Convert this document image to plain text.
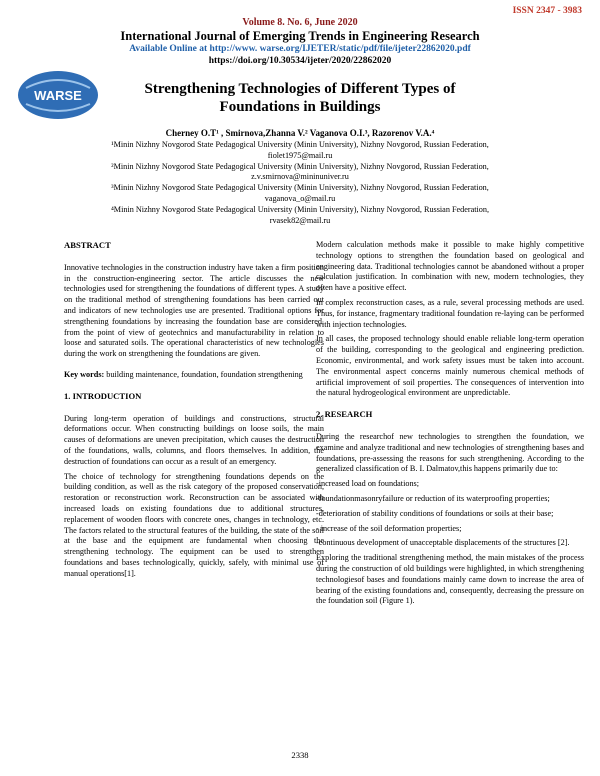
ISSN 2347 - 3983
Volume 8. No. 6, June 2020
International Journal of Emerging Trends in Engineering Research
Available Online at http://www. warse.org/IJETER/static/pdf/file/ijeter22862020.pdf
https://doi.org/10.30534/ijeter/2020/22862020
WARSE	Strengthening Technologies of Different Types of
Foundations in Buildings
Cherney O.T¹ , Smirnova,Zhanna V.² Vaganova O.I.³, Razorenov V.A.⁴

¹Minin Nizhny Novgorod State Pedagogical University (Minin University), Nizhny Novgorod, Russian Federation,
fiolet1975@mail.ru

²Minin Nizhny Novgorod State Pedagogical University (Minin University), Nizhny Novgorod, Russian Federation,
z.v.smirnova@mininuniver.ru

³Minin Nizhny Novgorod State Pedagogical University (Minin University), Nizhny Novgorod, Russian Federation,
vaganova_o@mail.ru

⁴Minin Nizhny Novgorod State Pedagogical University (Minin University), Nizhny Novgorod, Russian Federation,
rvasek82@mail.ru

ABSTRACT

Innovative technologies in the construction industry have taken a firm position in the construction-engineering sector. The article discusses the new technologies used for strengthening the foundations of different types. A study on the traditional method of strengthening foundations has been carried out and indicators of new technologies use are presented. Traditional options for strengthening foundations by increasing the foundation base are considered, from the point of view of geotechnics and manufacturability in relation to loose and saturated soils. The operational characteristics of new technologies during the work on strengthening the foundations are given.

Key words: building maintenance, foundation, foundation strengthening

1. INTRODUCTION

During long-term operation of buildings and constructions, structural deformations occur. When constructing buildings on loose soils, the main causes of deformations are uneven precipitation, which causes the destruction of the foundations, walls, columns, and floors themselves. In addition, the destruction of foundations can occur as a result of an emergency.

The choice of technology for strengthening foundations depends on the building condition, as well as the risk category of the proposed conservation, restoration or reconstruction work. Reconstruction can be associated with increased loads on existing foundations due to additional structures, replacement of wooden floors with concrete ones, changes in technology, etc. The factors related to the structural features of the building, the state of the soil at the base and the equipment are fundamental when choosing the strengthening technology. The equipment can be used to strengthen foundations and bases technologically, quickly, safely, with minimal use of manual operations[1].

Modern calculation methods make it possible to make highly competitive technology options to strengthen the foundation based on geological and engineering data. Traditional technologies cannot be abandoned without a proper calculation justification. In combination with new, modern technologies, they often have a positive effect.

In complex reconstruction cases, as a rule, several processing methods are used. Thus, for instance, fragmentary traditional foundation re-laying can be performed with injection technologies.

In all cases, the proposed technology should enable reliable long-term operation of the building, corresponding to the geological and engineering prediction. Economic, environmental, and work safety issues must be taken into account. The environmental aspect concerns mainly numerous chemical methods of artificial improvement of soil properties. The consequences of intervention into the natural hydrogeological environment are unpredictable.

2. RESEARCH

During the researchof new technologies to strengthen the foundation, we examine and analyze traditional and new technologies of strengthening bases and foundations, pre-assessing the reasons for such strengthening. According to the generalized classification of B. I. Dalmatov,this happens primarily due to:

-increased load on foundations;

-foundationmasonryfailure or reduction of its waterproofing properties;

-deterioration of stability conditions of foundations or soils at their base;

- increase of the soil deformation properties;

-continuous development of unacceptable displacements of the structures [2].

Exploring the traditional strengthening method, the main mistakes of the process during the construction of old buildings were highlighted, in which strengthening technologiesof bases and foundations mainly came down to increase the area of bearing of the existing foundations and, consequently, decreasing the pressure on the foundation soil (Figure 1).

2338
